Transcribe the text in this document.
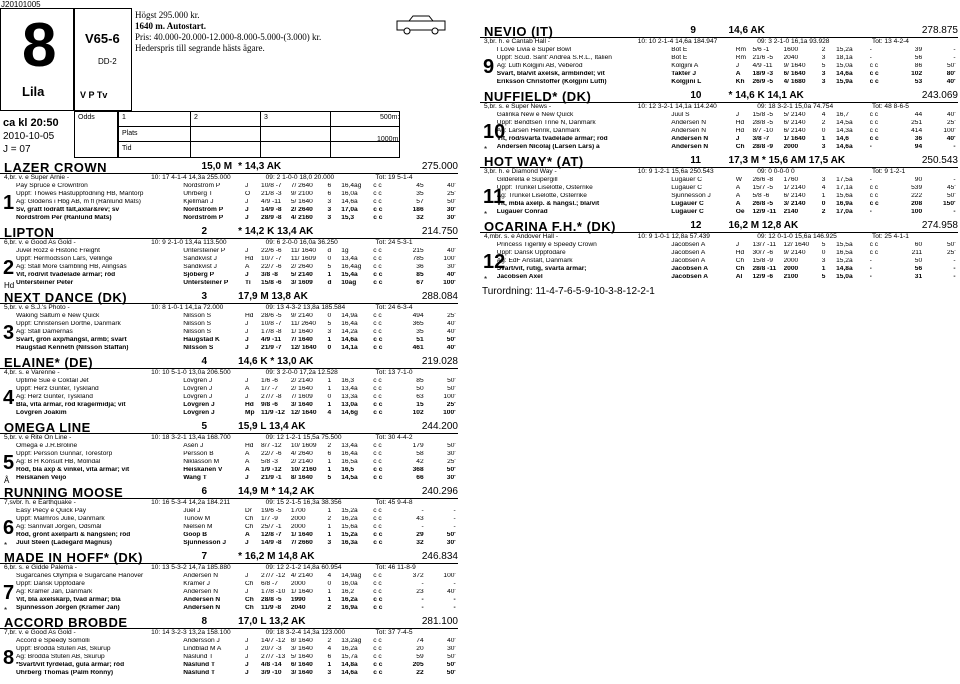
J20101005
8
Lila
V65-6
DD-2
V P Tv
Högst 295.000 kr.
1640 m. Autostart.
Pris: 40.000-20.000-12.000-8.000-5.000-(3.000) kr.
Hederspris till segrande hästs ägare.
ca kl 20:50
2010-10-05
J = 07
Odds
Plats
Tid
1	2	3	500m:
1000m:
LAZER CROWN	15,0 M * 14,3 AK	275.000
4,br. v. e Super Arnie -	10: 17 4-1-4 14,3a 255.000	09: 2 1-0-0 18,0 20.000	Tot: 19 5-1-4
1
Pay Spruce e Crowntron	Nordström P	J	10/8 -7	7/ 2640	6	16,4ag	c c	45	40'
Uppf: Thowes Hästuppfödning HB, Mantorp	Uhrberg T	Ö	21/8 -3	9/ 2100	6	16,0a	c c	35	25'
Äg: Glödens i Hbg AB, m fl (Rånlund Mats)	Kjellman J	J	4/9 -11	5/ 1640	3	14,6a	c c	57	50'
Sv, grått lodrätt fält,axlar&rev; sv	Nordström P	J	14/9 -8	2/ 2640	3	17,0a	c c	186	30'
Nordström Per (Rånlund Mats)	Nordström P	J	28/9 -8	4/ 2160	3	15,3	c c	32	30'
LIPTON	2	* 14,2 K 13,4 AK	214.750
6,br. v. e Good As Gold -	10: 9 2-1-0 13,4a 113.500	09: 6 2-0-0 16,0a 36.250	Tot: 24 5-3-1
2
Hd
Juvel Rozz e Historic Freight	Untersteiner P	J	22/6 -6	11/ 1640	d	1g	c c	215	40'
Uppf: Hermodsson Lars, Vellinge	Sandkvist J	Hd	10/7 -7	11/ 1609	0	13,4a	c c	785	100'
Äg: Stall More Gambling HB, Alingsås	Sandkvist J	Å	22/7 -6	2/ 2640	5	16,4ag	c c	36	30'
Vit, röd/vit tvådelade ärmar; röd	Sjöberg P	J	3/8 -8	5/ 2140	1	15,4a	c c	85	40'
Untersteiner Peter	Untersteiner P	Ti	15/8 -6	3/ 1609	d	10ag	c c	67	100'
NEXT DANCE (DK)	3	17,9 M 13,8 AK	288.084
5,br. v. e S.J.'s Photo -	10: 8 1-0-1 14,1a 72.000	09: 13 4-3-2 13,8a 185.584	Tot: 24 6-3-4
3
Waking Saltum e New Quick	Nilsson S	Hd	28/6 -5	9/ 2140	0	14,9a	c c	494	25'
Uppf: Christensen Dorthe, Danmark	Nilsson S	J	10/8 -7	11/ 2640	5	16,4a	c c	365	40'
Äg: Stall Damernas	Nilsson S	J	17/8 -8	1/ 1640	3	14,2a	c c	35	40'
Svart, grön axp/hängsl, ärmb; svart	Haugstad K	J	4/9 -11	7/ 1640	1	14,6a	c c	51	50'
Haugstad Kenneth (Nilsson Staffan)	Nilsson S	J	21/9 -7	12/ 1640	0	14,1a	c c	461	40'
ELAINE* (DE)	4	14,6 K * 13,0 AK	219.028
4,br. s. e Varenne -	10: 10 5-1-0 13,0a 206.500	09: 3 2-0-0 17,2a 12.528	Tot: 13 7-1-0
4
Uptime Sue e Coktail Jet	Lövgren J	J	1/6 -6	2/ 2140	1	16,3	c c	85	50'
Uppf: Herz Günter, Tyskland	Lövgren J	Å	1/7 -7	2/ 1640	1	13,4a	c c	50	50'
Äg: Herz Günter, Tyskland	Lövgren J	J	27/7 -8	7/ 1609	0	13,3a	c c	63	100'
Blå, vita ärmar, röd krage/midja; vit	Lövgren J	Hd	9/8 -6	3/ 1640	1	13,0a	c c	15	25'
Lövgren Joakim	Lövgren J	Mp 11/9 -12 12/ 1640	4	14,6g	c c	102	100'
OMEGA LINE	5	15,9 L 13,4 AK	244.200
5,br. v. e Rite On Line -	10: 18 3-2-1 13,4a 168.700	09: 12 1-2-1 15,5a 75.500	Tot: 30 4-4-2
5
Å
Omega e J.R.Broline	Åsén J	Hd	8/7 -12	10/ 1609	2	13,4a	c c	179	50'
Uppf: Persson Gunnar, Torestorp	Persson B	Å	22/7 -6	4/ 2640	6	16,4a	c c	58	30'
Äg: B H Konsult HB, Mölndal	Niklasson M	Å	5/8 -3	2/ 2140	1	16,5a	c c	42	25'
Röd, blå axp & vinkel, vita ärmar; vit	Heiskanen V	Å	1/9 -12	10/ 2160	1	16,5	c c	368	50'
Heiskanen Veijo	Wang T	J	21/9 -1	8/ 1640	5	14,5a	c c	66	30'
RUNNING MOOSE	6	14,9 M * 14,2 AK	240.296
7,svbr. h. e Earthquake -	10: 16 5-3-4 14,2a 184.211	09: 15 2-1-5 16,3a 38.356	Tot: 45 9-4-8
6
*
Easy Piecy e Quick Pay	Juel J	Dr	19/6 -5	1700	1	15,2a	c c	-	-
Uppf: Malmros Julie, Danmark	Tunow M	Ch	1/7 -9	2000	2	16,2a	c c	43	-
Äg: Sannvall Jörgen, Ödsmål	Nielsen M	Ch	25/7 -1	2000	1	15,6a	c c	-	-
Röd, grönt axelparti & hängslen; röd	Goop B	Å	12/8 -7	1/ 1640	1	15,2a	c c	29	50'
Juul Steen (Ladegård Magnus)	Sjunnesson J	J	14/9 -8	7/ 2660	3	16,3a	c c	32	30'
MADE IN HOFF* (DK)	7	* 16,2 M 14,8 AK	246.834
6,br. s. e Gidde Palema -	10: 13 5-3-2 14,7a 185.880	09: 12 2-1-2 14,8a 60.954	Tot: 46 11-8-9
7
*
Sugarcanes Olympia e Sugarcane Hanover	Andersen N	J	27/7 -12 4/ 2140	4	14,9ag	c c	372	100'
Uppf: Dansk Uppfödare	Kramer J	Ch	6/8 -7	2000	0	16,0a	c c	-	-
Äg: Kramer Jan, Danmark	Andersen N	J	17/8 -10 1/ 1640	1	16,2	c c	23	40'
Vit, blå axelskärp, tvåd ärmar; blå	Andersen N	Ch	28/8 -5	1990	1	16,2a	c c	-	-
Sjunnesson Jörgen (Kramer Jan)	Andersen N	Ch	11/9 -8	2040	2	16,9a	c c	-	-
ACCORD BROBDE	8	17,0 L 13,2 AK	281.100
7,br. v. e Good As Gold -	10: 14 3-2-3 13,2a 158.100	09: 18 3-2-4 14,3a 123.000	Tot: 37 7-4-5
8
Accord e Speedy Somolli	Andersson J	J	14/7 -12 8/ 1640	2	13,2ag	c c	74	40'
Uppf: Brodda Stuteri AB, Skurup	Lindblad M A	J	20/7 -3	3/ 1640	4	16,2a	c c	20	30'
Äg: Brodda Stuteri AB, Skurup	Näslund T	J	27/7 -13 5/ 1640	6	15,7a	c c	59	50'
*Svart/vit fyrdelad, gula ärmar; röd	Näslund T	J	4/8 -14	6/ 1640	1	14,8a	c c	205	50'
Uhrberg Thomas (Palm Ronny)	Näslund T	J	3/9 -10	3/ 1640	3	14,6a	c c	22	50'
NEVIO (IT)	9	14,6 AK	278.875
3,br. h. e Cantab Hall -	10: 10 2-1-4 14,6a 184.947	09: 3 2-1-0 16,1a 93.928	Tot: 13 4-2-4
9
I Love Livia e Super Bowl	Bot E	Rm 5/6 -1	1600	2	15,2a	-	39	-
Uppf: Scud. Sant' Andrea S.R.L., Italien	Bot E	Rm 21/6 -5	2040	3	18,1a	-	56	-
Äg: Lutfi Kolgjini AB, Veberöd	Kolgjini A	J	4/9 -11	9/ 1640	5	15,0a	c c	86	50'
Svart, blå/vit axelsk, ärmbindel; vit	Takter J	Å	18/9 -3	6/ 1640	3	14,6a	c c	102	80'
Eriksson Christoffer (Kolgjini Lutfi)	Kolgjini L	Kh	26/9 -5	4/ 1680	3	15,9a	c c	53	40'
NUFFIELD* (DK)	10	* 14,6 K 14,1 AK	243.069
5,br. s. e Super News -	10: 12 3-2-1 14,1a 114.240	09: 18 3-2-1 15,0a 74.754	Tot: 48 8-6-5
10
*
Galinka New e New Quick	Juul S	J	15/8 -5	5/ 2140	4	16,7	c c	44	40'
Uppf: Bendtsen Trine N, Danmark	Andersen N	Hd	28/8 -5	6/ 2140	2	14,5a	c c	251	25'
Äg: Larsen Henrik, Danmark	Andersen N	Hd	8/7 -10	6/ 2140	0	14,3a	c c	414	100'
Vit, röd/svarta tvådelade ärmar; röd	Andersen N	J	3/8 -7	1/ 1640	1	14,6	c c	36	40'
Andersen Nicolaj (Larsen Lars) a	Andersen N	Ch	28/8 -9	2000	3	14,6a	-	94	-
HOT WAY* (AT)	11	17,3 M * 15,6 AM 17,5 AK	250.543
3,br. h. e Diamond Way -	10: 9 1-2-1 15,6a 250.543	09: 0 0-0-0 0	Tot: 9 1-2-1
11
*
Gilderella e Supergill	Lugauer C	W	26/6 -8	1760	3	17,5a	-	90	-
Uppf: Trünkel Liselotte, Österrike	Lugauer C	Å	15/7 -5	1/ 2140	4	17,1a	c c	539	45'
Äg: Trünkel Liselotte, Österrike	Sjunnesson J	Å	5/8 -6	6/ 2140	1	15,6a	c c	222	50'
Vit, mblå axelp. & hängsl.; blå/vit	Lugauer C	Å	26/8 -5	3/ 2140	0	16,9a	c c	208	150'
Lugauer Conrad	Lugauer C	Öe	12/9 -11	2140	2	17,0a	-	100	-
OCARINA F.H.* (DK)	12	16,2 M 12,8 AK	274.958
4,mbr. s. e Andover Hall -	10: 9 1-0-1 12,8a 57.439	09: 12 0-1-0 15,6a 146.925	Tot: 25 4-1-1
12
*
Princess Tigerlily e Speedy Crown	Jacobsen A	J	13/7 -11	12/ 1640	5	15,5a	c c	60	50'
Uppf: Dansk Uppfödare	Jacobsen A	Hd	30/7 -6	9/ 2140	0	16,5a	c c	211	25'
Äg: EdF Anstalt, Danmark	Jacobsen A	Ch	15/8 -9	2000	3	15,2a	-	50	-
Svart/vit, rutig, svarta ärmar;	Jacobsen A	Ch	28/8 -11	2000	1	14,8a	-	56	-
Jacobsen Axel	Jacobsen A	Al	12/9 -6	2100	5	15,0a	-	31	-
Turordning: 11-4-7-6-5-9-10-3-8-12-2-1
